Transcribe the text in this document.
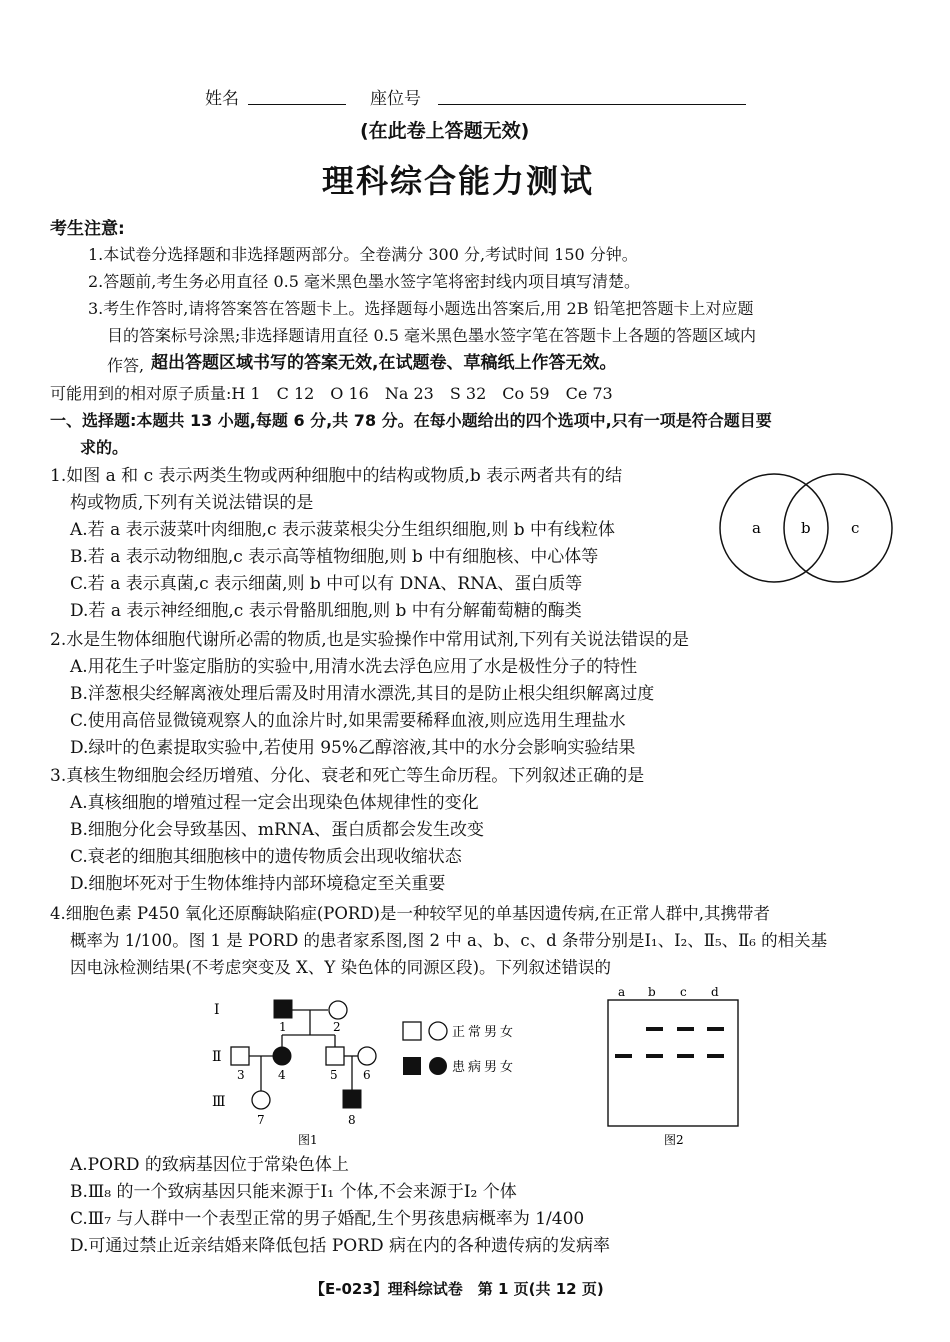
姓名	座位号
(在此卷上答题无效)
理科综合能力测试
考生注意:
1.本试卷分选择题和非选择题两部分。全卷满分 300 分,考试时间 150 分钟。
2.答题前,考生务必用直径 0.5 毫米黑色墨水签字笔将密封线内项目填写清楚。
3.考生作答时,请将答案答在答题卡上。选择题每小题选出答案后,用 2B 铅笔把答题卡上对应题
目的答案标号涂黑;非选择题请用直径 0.5 毫米黑色墨水签字笔在答题卡上各题的答题区域内
作答, 超出答题区域书写的答案无效,在试题卷、草稿纸上作答无效。
可能用到的相对原子质量:H 1　C 12　O 16　Na 23　S 32　Co 59　Ce 73
一、选择题:本题共 13 小题,每题 6 分,共 78 分。在每小题给出的四个选项中,只有一项是符合题目要
求的。
1.如图 a 和 c 表示两类生物或两种细胞中的结构或物质,b 表示两者共有的结
构或物质,下列有关说法错误的是
A.若 a 表示菠菜叶肉细胞,c 表示菠菜根尖分生组织细胞,则 b 中有线粒体
B.若 a 表示动物细胞,c 表示高等植物细胞,则 b 中有细胞核、中心体等
C.若 a 表示真菌,c 表示细菌,则 b 中可以有 DNA、RNA、蛋白质等
D.若 a 表示神经细胞,c 表示骨骼肌细胞,则 b 中有分解葡萄糖的酶类
a	b	c
2.水是生物体细胞代谢所必需的物质,也是实验操作中常用试剂,下列有关说法错误的是
A.用花生子叶鉴定脂肪的实验中,用清水洗去浮色应用了水是极性分子的特性
B.洋葱根尖经解离液处理后需及时用清水漂洗,其目的是防止根尖组织解离过度
C.使用高倍显微镜观察人的血涂片时,如果需要稀释血液,则应选用生理盐水
D.绿叶的色素提取实验中,若使用 95%乙醇溶液,其中的水分会影响实验结果
3.真核生物细胞会经历增殖、分化、衰老和死亡等生命历程。下列叙述正确的是
A.真核细胞的增殖过程一定会出现染色体规律性的变化
B.细胞分化会导致基因、mRNA、蛋白质都会发生改变
C.衰老的细胞其细胞核中的遗传物质会出现收缩状态
D.细胞坏死对于生物体维持内部环境稳定至关重要
4.细胞色素 P450 氧化还原酶缺陷症(PORD)是一种较罕见的单基因遗传病,在正常人群中,其携带者
概率为 1/100。图 1 是 PORD 的患者家系图,图 2 中 a、b、c、d 条带分别是Ⅰ₁、Ⅰ₂、Ⅱ₅、Ⅱ₆ 的相关基
因电泳检测结果(不考虑突变及 X、Y 染色体的同源区段)。下列叙述错误的
Ⅰ
Ⅱ
Ⅲ
1	2
3	4	5 6
7	8
正常男女
患病男女
图1
a b c d
图2
A.PORD 的致病基因位于常染色体上
B.Ⅲ₈ 的一个致病基因只能来源于Ⅰ₁ 个体,不会来源于Ⅰ₂ 个体
C.Ⅲ₇ 与人群中一个表型正常的男子婚配,生个男孩患病概率为 1/400
D.可通过禁止近亲结婚来降低包括 PORD 病在内的各种遗传病的发病率
【E-023】理科综试卷　第 1 页(共 12 页)
